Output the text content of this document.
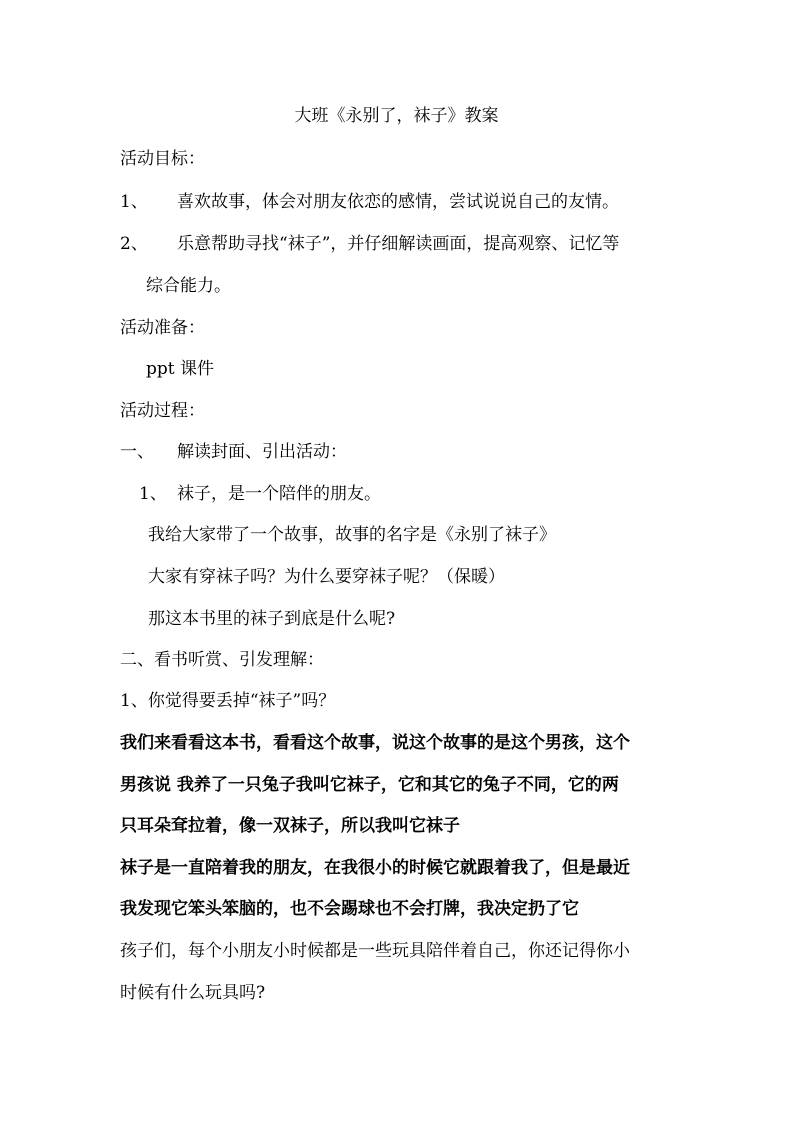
大班《永别了，袜子》教案
活动目标：
1、 喜欢故事，体会对朋友依恋的感情，尝试说说自己的友情。
2、 乐意帮助寻找“袜子”，并仔细解读画面，提高观察、记忆等
综合能力。
活动准备：
ppt 课件
活动过程：
一、 解读封面、引出活动：
1、 袜子，是一个陪伴的朋友。
我给大家带了一个故事，故事的名字是《永别了袜子》
大家有穿袜子吗？为什么要穿袜子呢？（保暖）
那这本书里的袜子到底是什么呢?
二、看书听赏、引发理解：
1、你觉得要丢掉“袜子”吗？
我们来看看这本书，看看这个故事，说这个故事的是这个男孩，这个
男孩说 我养了一只兔子我叫它袜子，它和其它的兔子不同，它的两
只耳朵耷拉着，像一双袜子，所以我叫它袜子
袜子是一直陪着我的朋友，在我很小的时候它就跟着我了，但是最近
我发现它笨头笨脑的，也不会踢球也不会打牌，我决定扔了它
孩子们，每个小朋友小时候都是一些玩具陪伴着自己，你还记得你小
时候有什么玩具吗?
